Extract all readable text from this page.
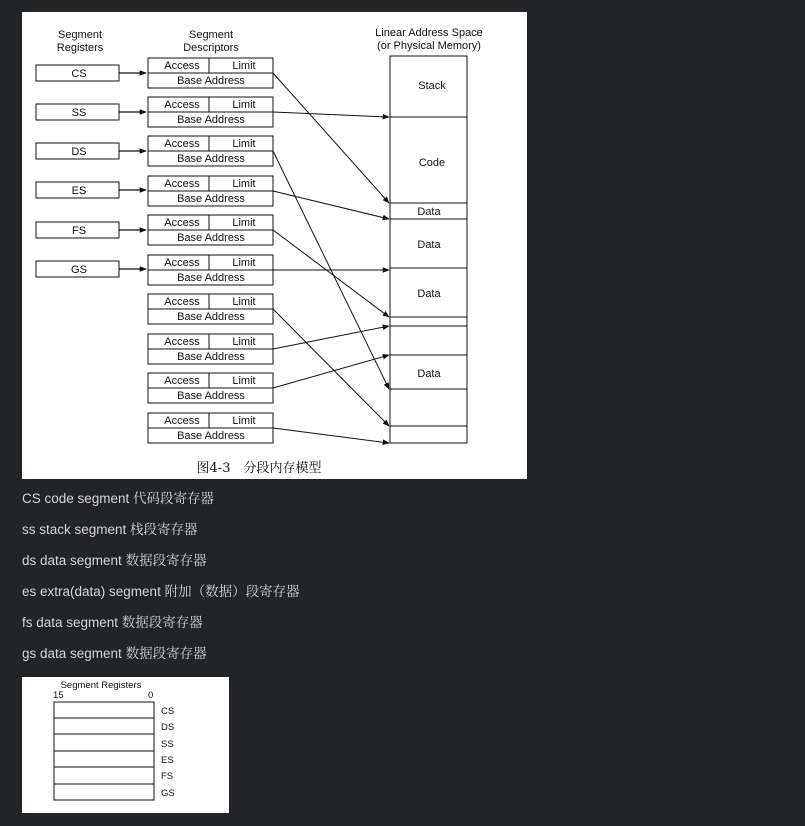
Segment
Registers
Segment
Descriptors
Linear Address Space
(or Physical Memory)
CS
SS
DS
ES
FS
GS
Access	Limit
Base Address
Access	Limit
Base Address
Access	Limit
Base Address
Access	Limit
Base Address
Access	Limit
Base Address
Access	Limit
Base Address
Access	Limit
Base Address
Access	Limit
Base Address
Access	Limit
Base Address
Access	Limit
Base Address
Stack
Code
Data
Data
Data
Data
图4-3　分段内存模型

CS code segment 代码段寄存器

ss stack segment 栈段寄存器

ds data segment 数据段寄存器

es extra(data) segment 附加（数据）段寄存器

fs data segment 数据段寄存器

gs data segment 数据段寄存器

Segment Registers
15	0
CS
DS
SS
ES
FS
GS
